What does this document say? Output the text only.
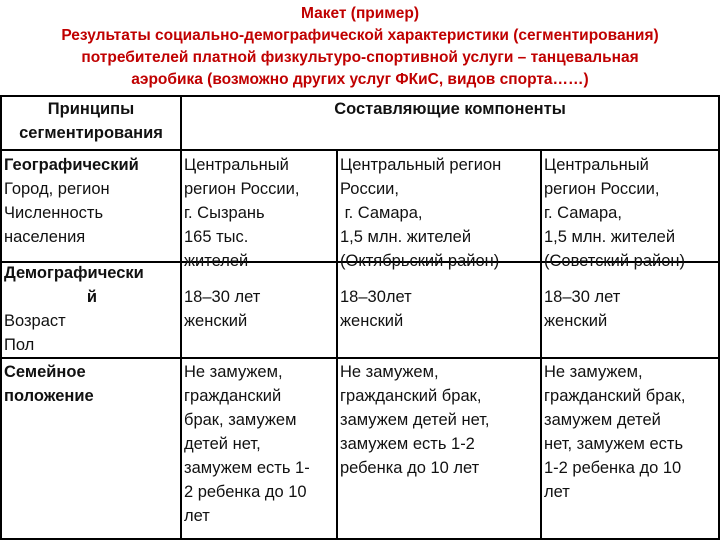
Макет (пример)
Результаты социально-демографической характеристики (сегментирования)
потребителей платной физкультуро-спортивной услуги – танцевальная
аэробика (возможно других услуг ФКиС, видов спорта……)
Принципы
сегментирования
Составляющие компоненты
Географический
Город, регион
Численность
населения
Центральный
регион России,
г. Сызрань
165 тыс.
жителей
Центральный регион
России,
г. Самара,
1,5 млн. жителей
(Октябрьский район)
Центральный
регион России,
г. Самара,
1,5 млн. жителей
(Советский район)
Демографически
й
Возраст
Пол
18–30 лет
женский
18–30лет
женский
18–30 лет
женский
Семейное
положение
Не замужем,
гражданский
брак, замужем
детей нет,
замужем есть 1-
2 ребенка до 10
лет
Не замужем,
гражданский брак,
замужем детей нет,
замужем есть 1-2
ребенка до 10 лет
Не замужем,
гражданский брак,
замужем детей
нет, замужем есть
1-2 ребенка до 10
лет
